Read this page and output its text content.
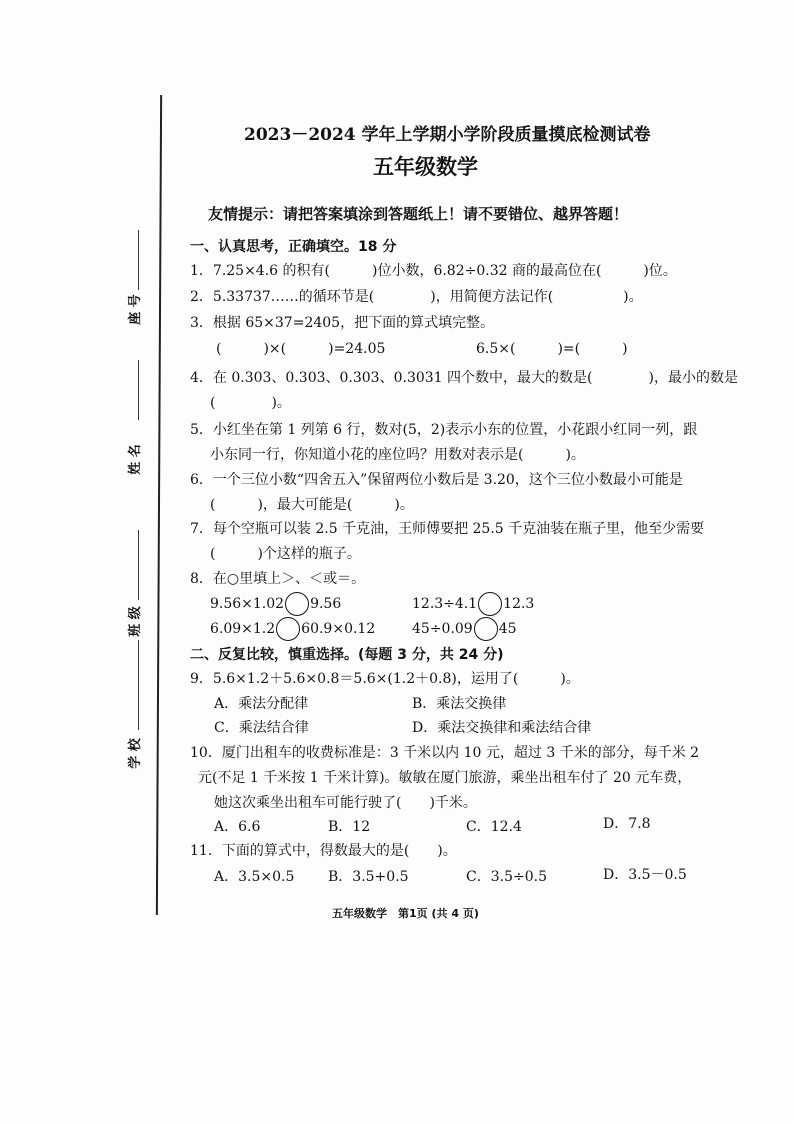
座 号
姓 名
班 级
学 校
2023－2024 学年上学期小学阶段质量摸底检测试卷
五年级数学
友情提示：请把答案填涂到答题纸上！请不要错位、越界答题！
一、认真思考，正确填空。18 分
1．7.25×4.6 的积有(　　　)位小数，6.82÷0.32 商的最高位在(　　　)位。
2．5.33737……的循环节是(　　　　)，用简便方法记作(　　　　　)。
3．根据 65×37=2405，把下面的算式填完整。
(　　　)×(　　　)=24.05	6.5×(　　　)=(　　　)
4．在 0.303、0.303、0.303、0.3031 四个数中，最大的数是(　　　　)，最小的数是
(　　　　)。
5．小红坐在第 1 列第 6 行，数对(5，2)表示小东的位置，小花跟小红同一列，跟
小东同一行，你知道小花的座位吗？用数对表示是(　　　)。
6．一个三位小数“四舍五入”保留两位小数后是 3.20，这个三位小数最小可能是
(　　　)，最大可能是(　　　)。
7．每个空瓶可以装 2.5 千克油，王师傅要把 25.5 千克油装在瓶子里，他至少需要
(　　　)个这样的瓶子。
8．在○里填上＞、＜或＝。
9.56×1.02 9.56	12.3÷4.1 12.3
6.09×1.2 60.9×0.12	45÷0.09 45
二、反复比较，慎重选择。(每题 3 分，共 24 分)
9．5.6×1.2＋5.6×0.8＝5.6×(1.2＋0.8)，运用了(　　　)。
A．乘法分配律	B．乘法交换律
C．乘法结合律	D．乘法交换律和乘法结合律
10．厦门出租车的收费标准是：3 千米以内 10 元，超过 3 千米的部分，每千米 2
元(不足 1 千米按 1 千米计算)。敏敏在厦门旅游，乘坐出租车付了 20 元车费，
她这次乘坐出租车可能行驶了(　　)千米。
A．6.6	B．12	C．12.4	D．7.8
11．下面的算式中，得数最大的是(　　)。
A．3.5×0.5 B．3.5+0.5	C．3.5÷0.5	D．3.5－0.5
五年级数学　第1页 (共 4 页)
